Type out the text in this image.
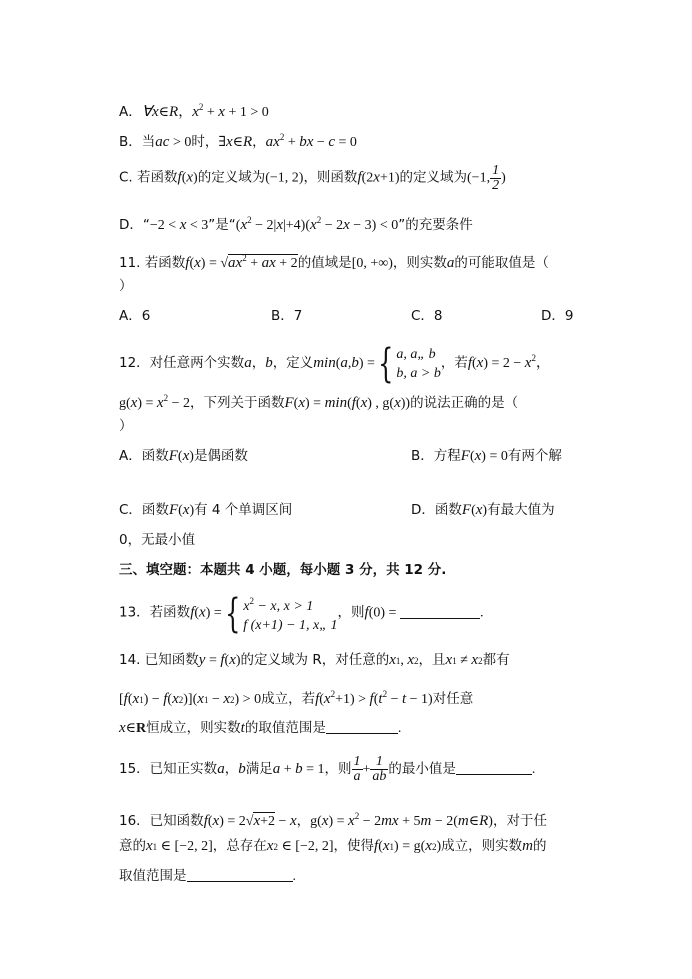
A．∀x∈R，$x^2 + x + 1 > 0$
B．当ac > 0时，∃x∈R，$ax^2$ + bx − c = 0
C. 若函数f(x)的定义域为(−1, 2)，则函数f(2x+1)的定义域为(−1, $\frac{1}{2}$ )
D．“−2 < x < 3”是“$(x^2 - 2|x|+4)(x^2 - 2x - 3) < 0$”的充要条件
11. 若函数$f(x) = √ax^2$ + ax + 2的值域是[0, +∞)，则实数a的可能取值是（
）
A．6	B．7	C．8	D．9
12．对任意两个实数a，b，定义min(a,b) ={ a, a„ b
b, a > b
，若$f(x) = 2 - x^2$，
$g(x) = x^2 - 2$，下列关于函数F(x) = min(f(x) , g(x))的说法正确的是（
）
A．函数F(x)是偶函数	B．方程F(x) = 0有两个解
C．函数F(x)有 4 个单调区间	D．函数F(x)有最大值为
0，无最小值
三、填空题：本题共 4 小题，每小题 3 分，共 12 分.
13．若函数f(x) ={ $x^2 - x$, x > 1
f (x+1) − 1, x„ 1
，则f(0) =	.
14. 已知函数y = f(x)的定义域为 R，对任意的x1, x2，且x1 ≠ x2都有
[f(x1) − f(x2)](x1 − x2) > 0成立，若$f(x^2+1) > f(t^2 - t - 1)$对任意
x∈R恒成立，则实数t的取值范围是	.
15．已知正实数a，b满足a + b = 1，则 $\frac{1}{a} + \frac{1}{ab}$ 的最小值是	.
16．已知函数f(x) = 2√x+2 − x，$g(x) = x^2 - 2mx + 5m$ − 2(m∈R)，对于任
意的x1 ∈ [−2, 2]，总存在x2 ∈ [−2, 2]，使得f(x1) = g(x2)成立，则实数m的
取值范围是	.
